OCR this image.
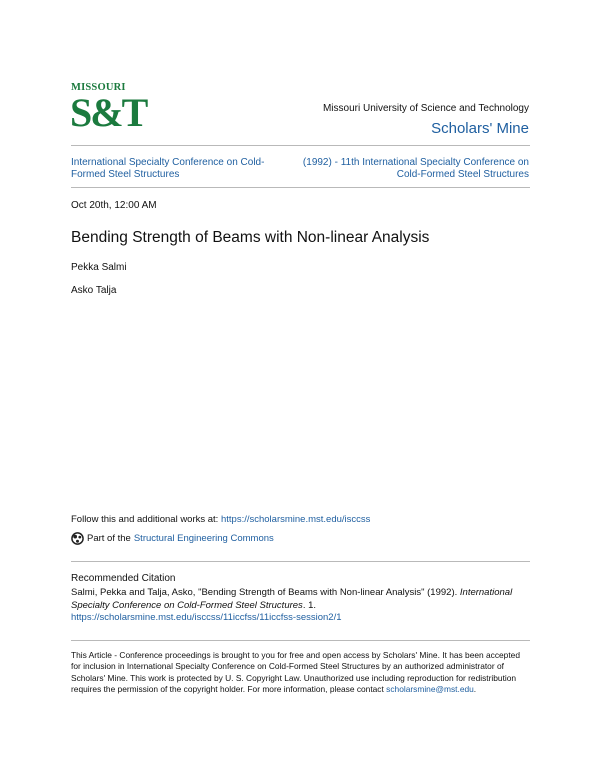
MISSOURI
S&T	Missouri University of Science and Technology
Scholars' Mine
International Specialty Conference on Cold-Formed Steel Structures
(1992) - 11th International Specialty Conference on Cold-Formed Steel Structures
Oct 20th, 12:00 AM
Bending Strength of Beams with Non-linear Analysis
Pekka Salmi
Asko Talja
Follow this and additional works at: https://scholarsmine.mst.edu/isccss
Part of the Structural Engineering Commons
Recommended Citation
Salmi, Pekka and Talja, Asko, "Bending Strength of Beams with Non-linear Analysis" (1992). International Specialty Conference on Cold-Formed Steel Structures. 1.
https://scholarsmine.mst.edu/isccss/11iccfss/11iccfss-session2/1
This Article - Conference proceedings is brought to you for free and open access by Scholars' Mine. It has been accepted for inclusion in International Specialty Conference on Cold-Formed Steel Structures by an authorized administrator of Scholars' Mine. This work is protected by U. S. Copyright Law. Unauthorized use including reproduction for redistribution requires the permission of the copyright holder. For more information, please contact scholarsmine@mst.edu.
